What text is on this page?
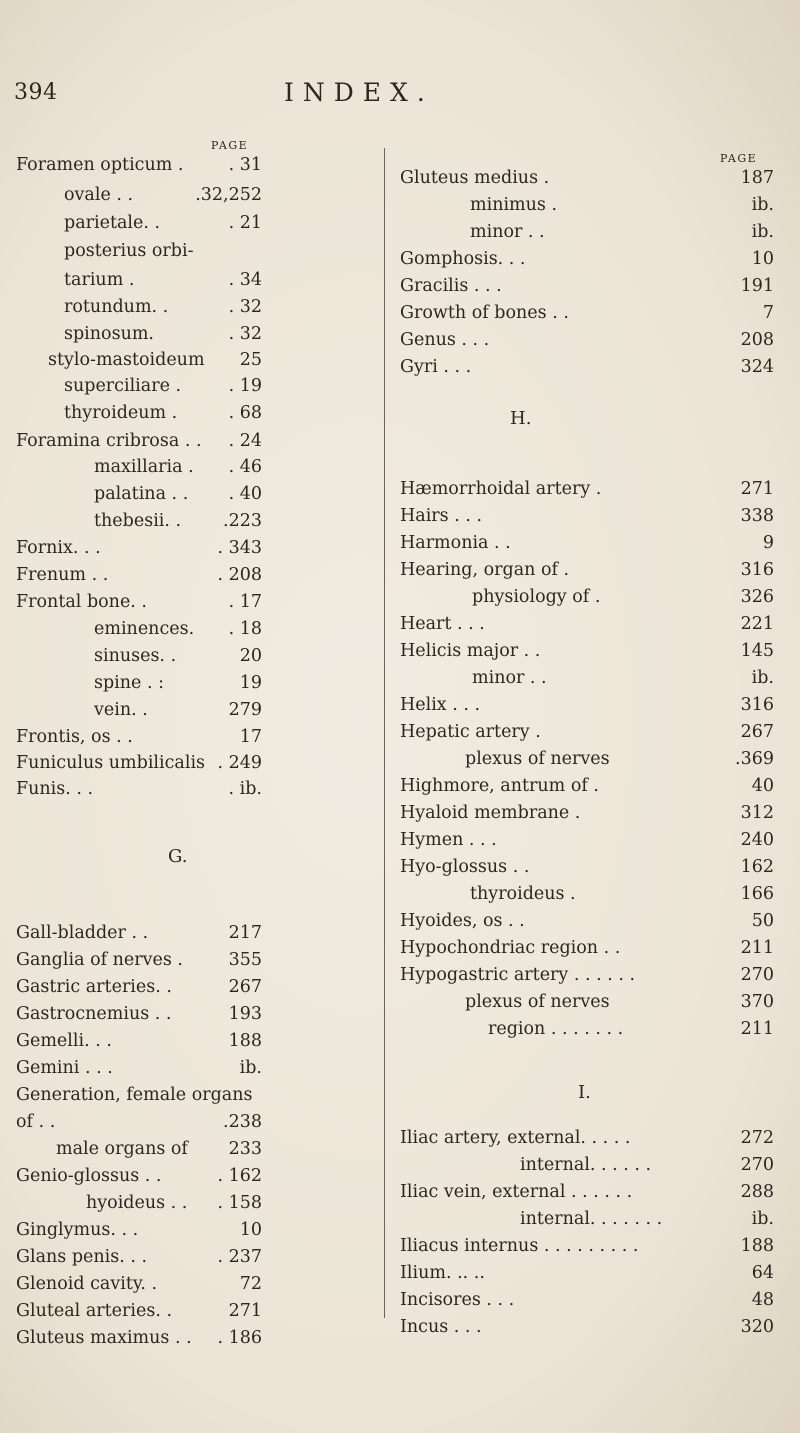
394	INDEX.
PAGE
Foramen opticum .	. 31
ovale . .	.32,252
parietale. .	. 21
posterius orbi-
tarium .	. 34
rotundum. .	. 32
spinosum.	. 32
stylo-mastoideum 25
superciliare .	. 19
thyroideum .	. 68
Foramina cribrosa . . . 24
maxillaria . . 46
palatina . . . 40
thebesii. . .223
Fornix. . .	. 343
Frenum . .	. 208
Frontal bone. .	. 17
eminences. . 18
sinuses. .	20
spine . :	19
vein. .	279
Frontis, os . .	17
Funiculus umbilicalis . 249
Funis. . .	. ib.
G.
Gall-bladder . .	217
Ganglia of nerves .	355
Gastric arteries. .	267
Gastrocnemius . .	193
Gemelli. . .	188
Gemini . . .	ib.
Generation, female organs
of . .	.238
male organs of 233
Genio-glossus . .	. 162
hyoideus . . . 158
Ginglymus. . .	10
Glans penis. . .	. 237
Glenoid cavity. .	72
Gluteal arteries. .	271
Gluteus maximus . . . 186
PAGE
Gluteus medius .	187
minimus .	ib.
minor . .	ib.
Gomphosis. . .	10
Gracilis . . .	191
Growth of bones . .	7
Genus . . .	208
Gyri . . .	324
H.
Hæmorrhoidal artery .	271
Hairs . . .	338
Harmonia . .	9
Hearing, organ of .	316
physiology of .	326
Heart . . .	221
Helicis major . .	145
minor . .	ib.
Helix . . .	316
Hepatic artery .	267
plexus of nerves	.369
Highmore, antrum of .	40
Hyaloid membrane .	312
Hymen . . .	240
Hyo-glossus . .	162
thyroideus .	166
Hyoides, os . .	50
Hypochondriac region . .	211
Hypogastric artery . . . . . .	270
plexus of nerves	370
region . . . . . . .	211
I.
Iliac artery, external. . . . .	272
internal. . . . . .	270
Iliac vein, external . . . . . .	288
internal. . . . . . .	ib.
Iliacus internus . . . . . . . . .	188
Ilium. .. ..	64
Incisores . . .	48
Incus . . .	320
